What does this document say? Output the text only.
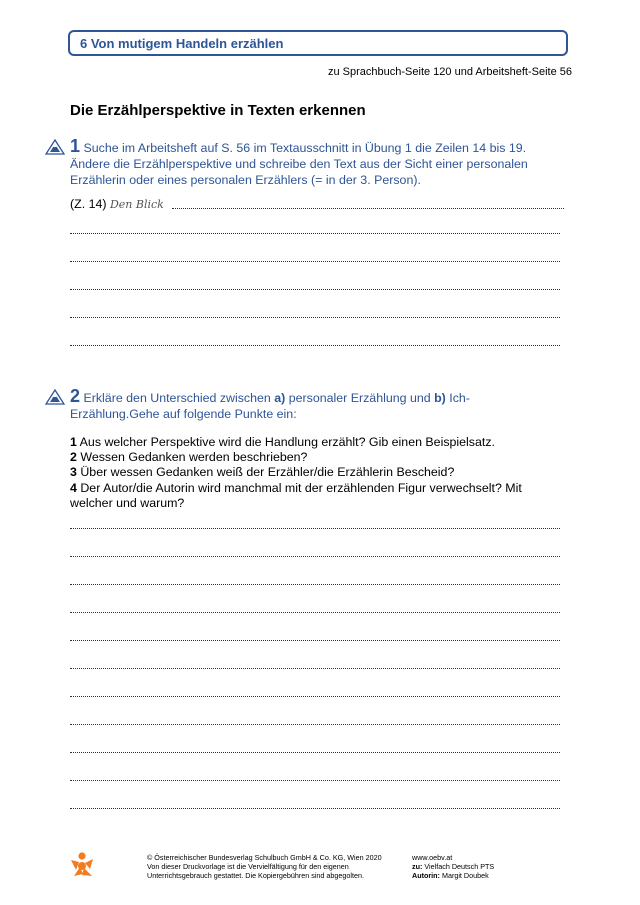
6 Von mutigem Handeln erzählen
zu Sprachbuch-Seite 120 und Arbeitsheft-Seite 56
Die Erzählperspektive in Texten erkennen
1 Suche im Arbeitsheft auf S. 56 im Textausschnitt in Übung 1 die Zeilen 14 bis 19. Ändere die Erzählperspektive und schreibe den Text aus der Sicht einer personalen Erzählerin oder eines personalen Erzählers (= in der 3. Person).
(Z. 14) Den Blick
2 Erkläre den Unterschied zwischen a) personaler Erzählung und b) Ich-Erzählung.Gehe auf folgende Punkte ein:
1 Aus welcher Perspektive wird die Handlung erzählt? Gib einen Beispielsatz.
2 Wessen Gedanken werden beschrieben?
3 Über wessen Gedanken weiß der Erzähler/die Erzählerin Bescheid?
4 Der Autor/die Autorin wird manchmal mit der erzählenden Figur verwechselt? Mit welcher und warum?
© Österreichischer Bundesverlag Schulbuch GmbH & Co. KG, Wien 2020
Von dieser Druckvorlage ist die Vervielfältigung für den eigenen
Unterrichtsgebrauch gestattet. Die Kopiergebühren sind abgegolten.
www.oebv.at
zu: Vielfach Deutsch PTS
Autorin: Margit Doubek
